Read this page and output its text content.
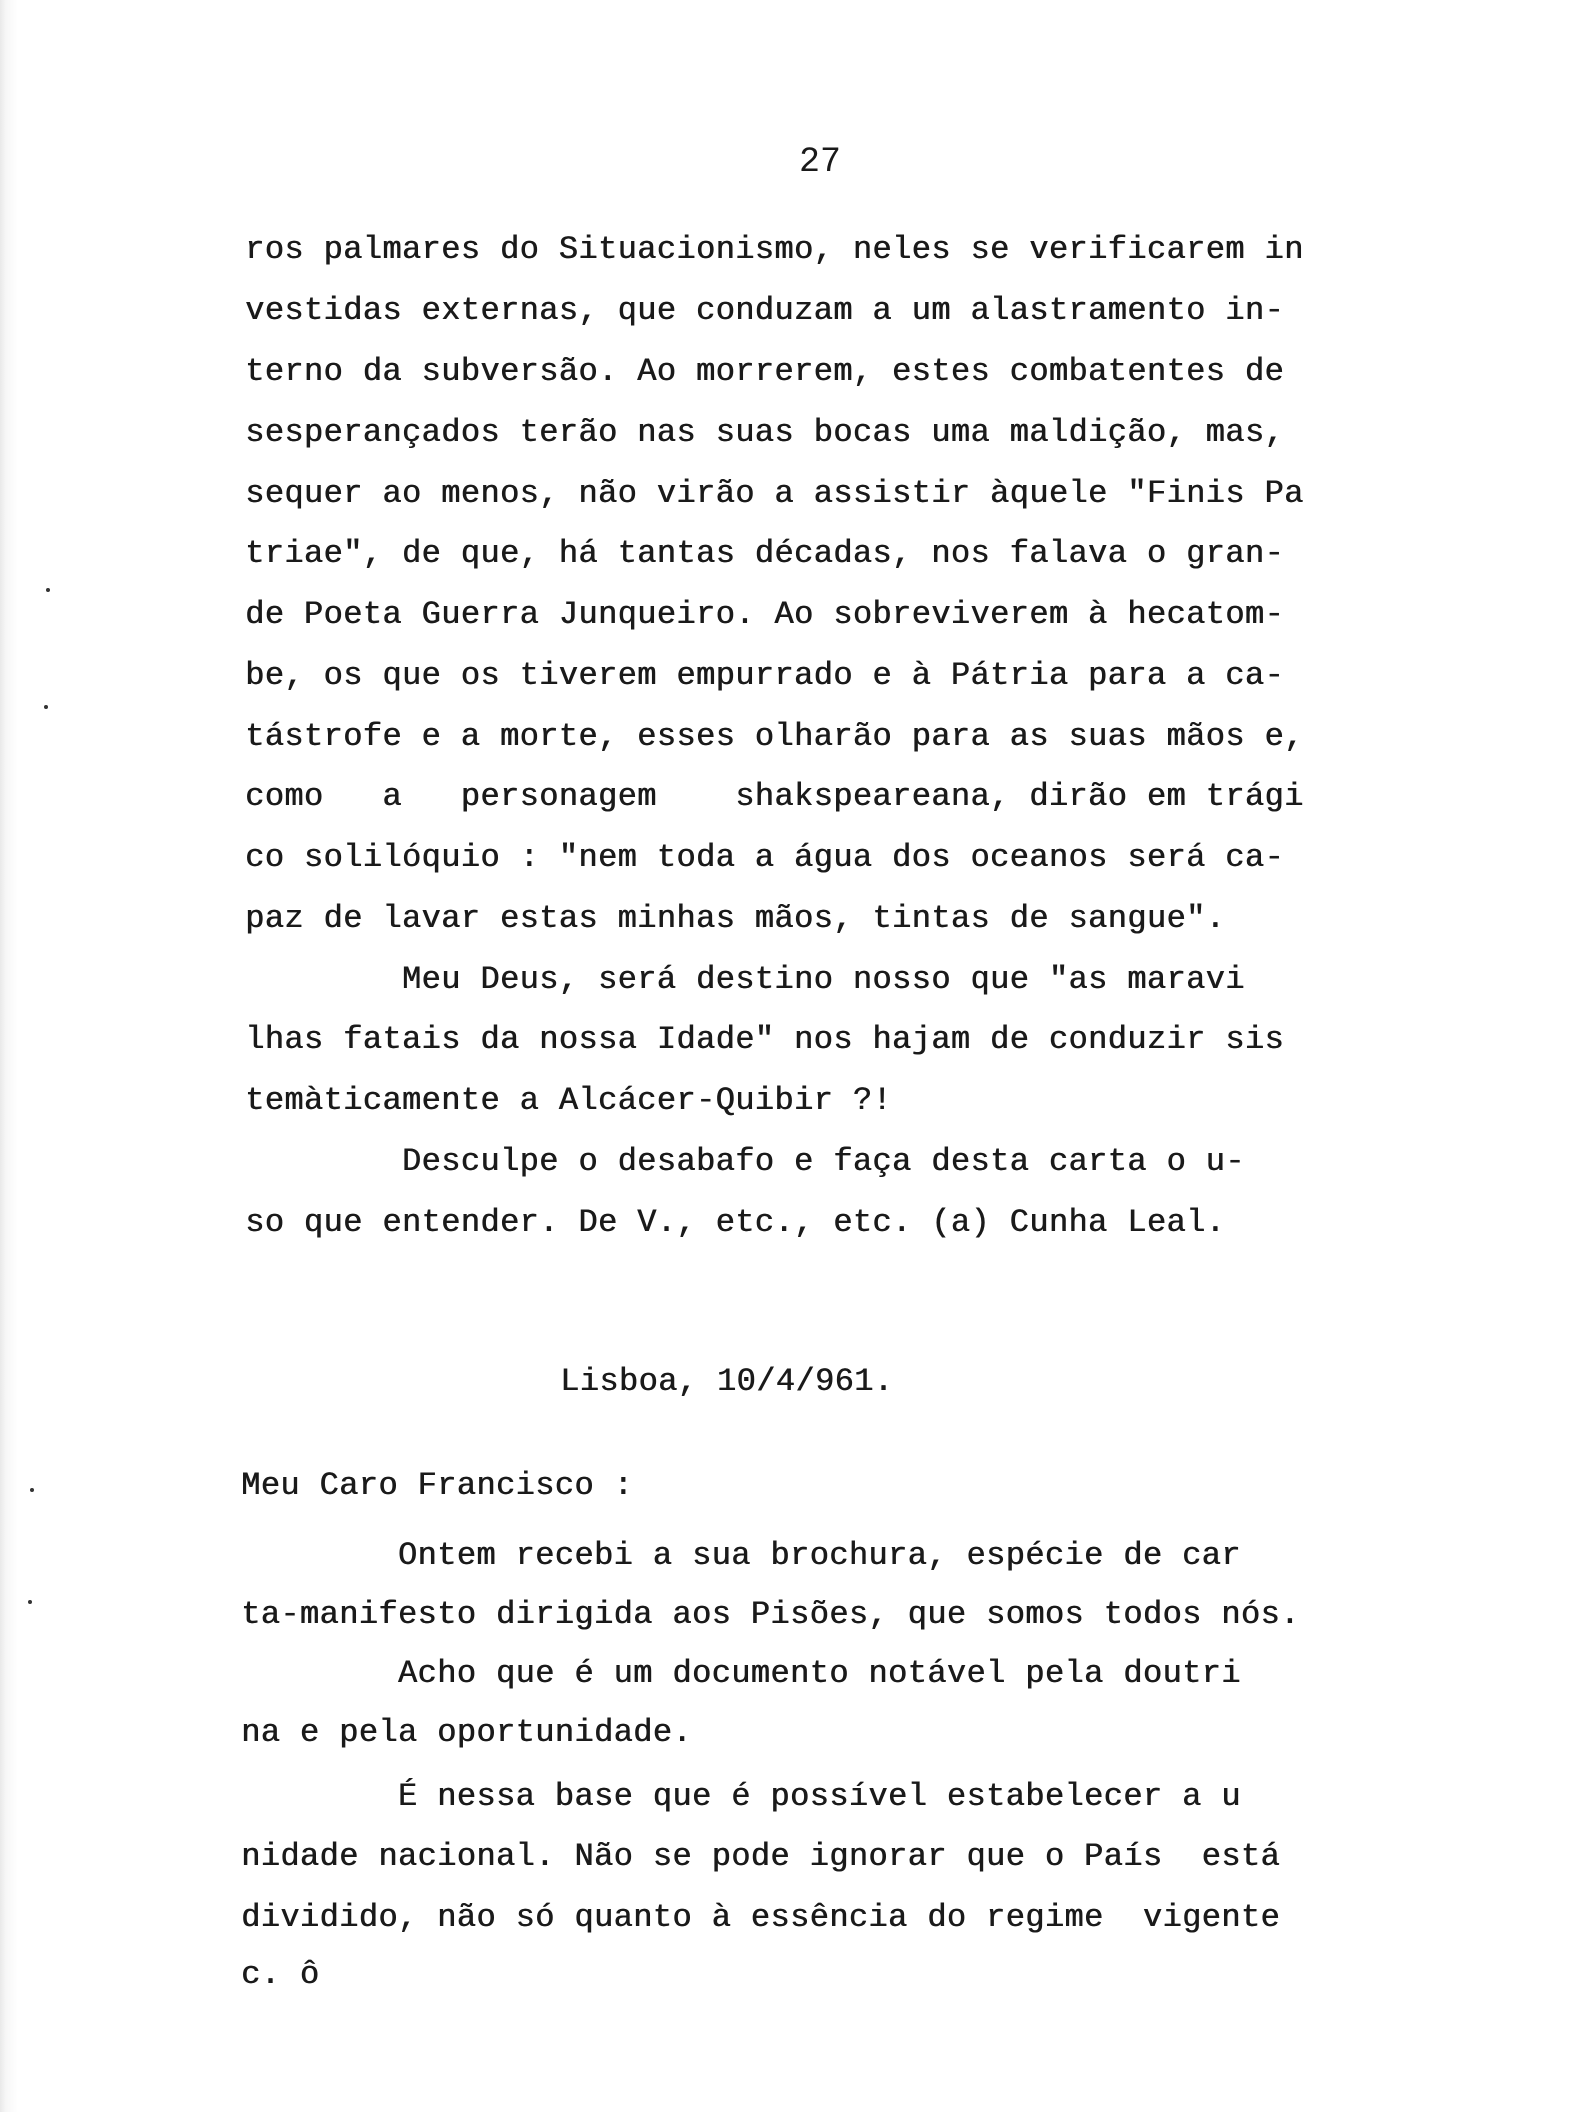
27

ros palmares do Situacionismo, neles se verificarem in

vestidas externas, que conduzam a um alastramento in-

terno da subversão. Ao morrerem, estes combatentes de

sesperançados terão nas suas bocas uma maldição, mas,

sequer ao menos, não virão a assistir àquele "Finis Pa

triae", de que, há tantas décadas, nos falava o gran-

de Poeta Guerra Junqueiro. Ao sobreviverem à hecatom-

be, os que os tiverem empurrado e à Pátria para a ca-

tástrofe e a morte, esses olharão para as suas mãos e,

como   a   personagem    shakspeareana, dirão em trági

co solilóquio : "nem toda a água dos oceanos será ca-

paz de lavar estas minhas mãos, tintas de sangue".

Meu Deus, será destino nosso que "as maravi

lhas fatais da nossa Idade" nos hajam de conduzir sis

temàticamente a Alcácer-Quibir ?!

Desculpe o desabafo e faça desta carta o u-

so que entender. De V., etc., etc. (a) Cunha Leal.

Lisboa, 10/4/961.

Meu Caro Francisco :

Ontem recebi a sua brochura, espécie de car

ta-manifesto dirigida aos Pisões, que somos todos nós.

Acho que é um documento notável pela doutri

na e pela oportunidade.

É nessa base que é possível estabelecer a u

nidade nacional. Não se pode ignorar que o País  está

dividido, não só quanto à essência do regime  vigente

c. ô
